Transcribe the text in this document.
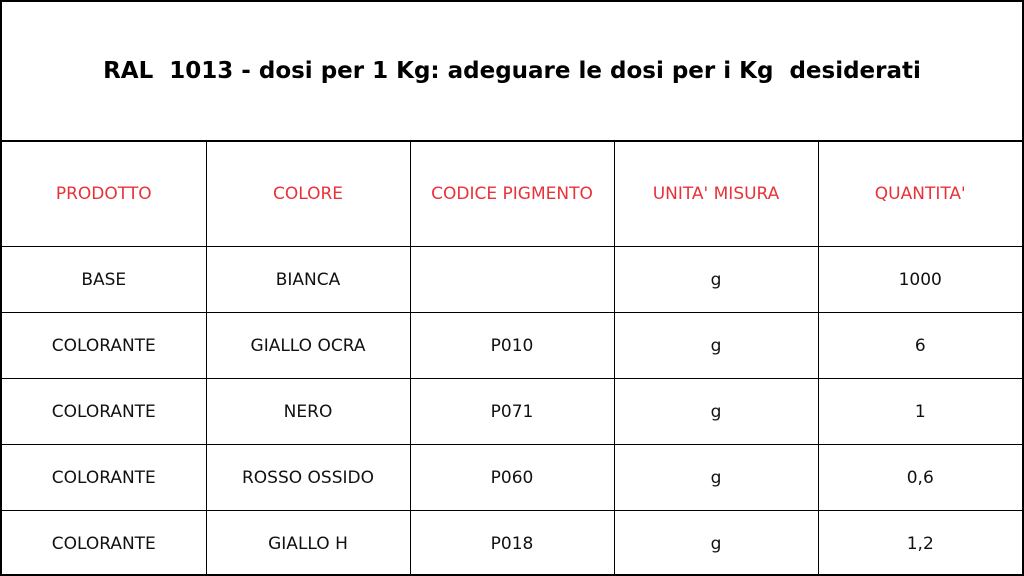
RAL  1013 - dosi per 1 Kg: adeguare le dosi per i Kg  desiderati
PRODOTTO	COLORE	CODICE PIGMENTO	UNITA' MISURA	QUANTITA'
BASE	BIANCA		g	1000
COLORANTE	GIALLO OCRA	P010	g	6
COLORANTE	NERO	P071	g	1
COLORANTE	ROSSO OSSIDO	P060	g	0,6
COLORANTE	GIALLO H	P018	g	1,2
